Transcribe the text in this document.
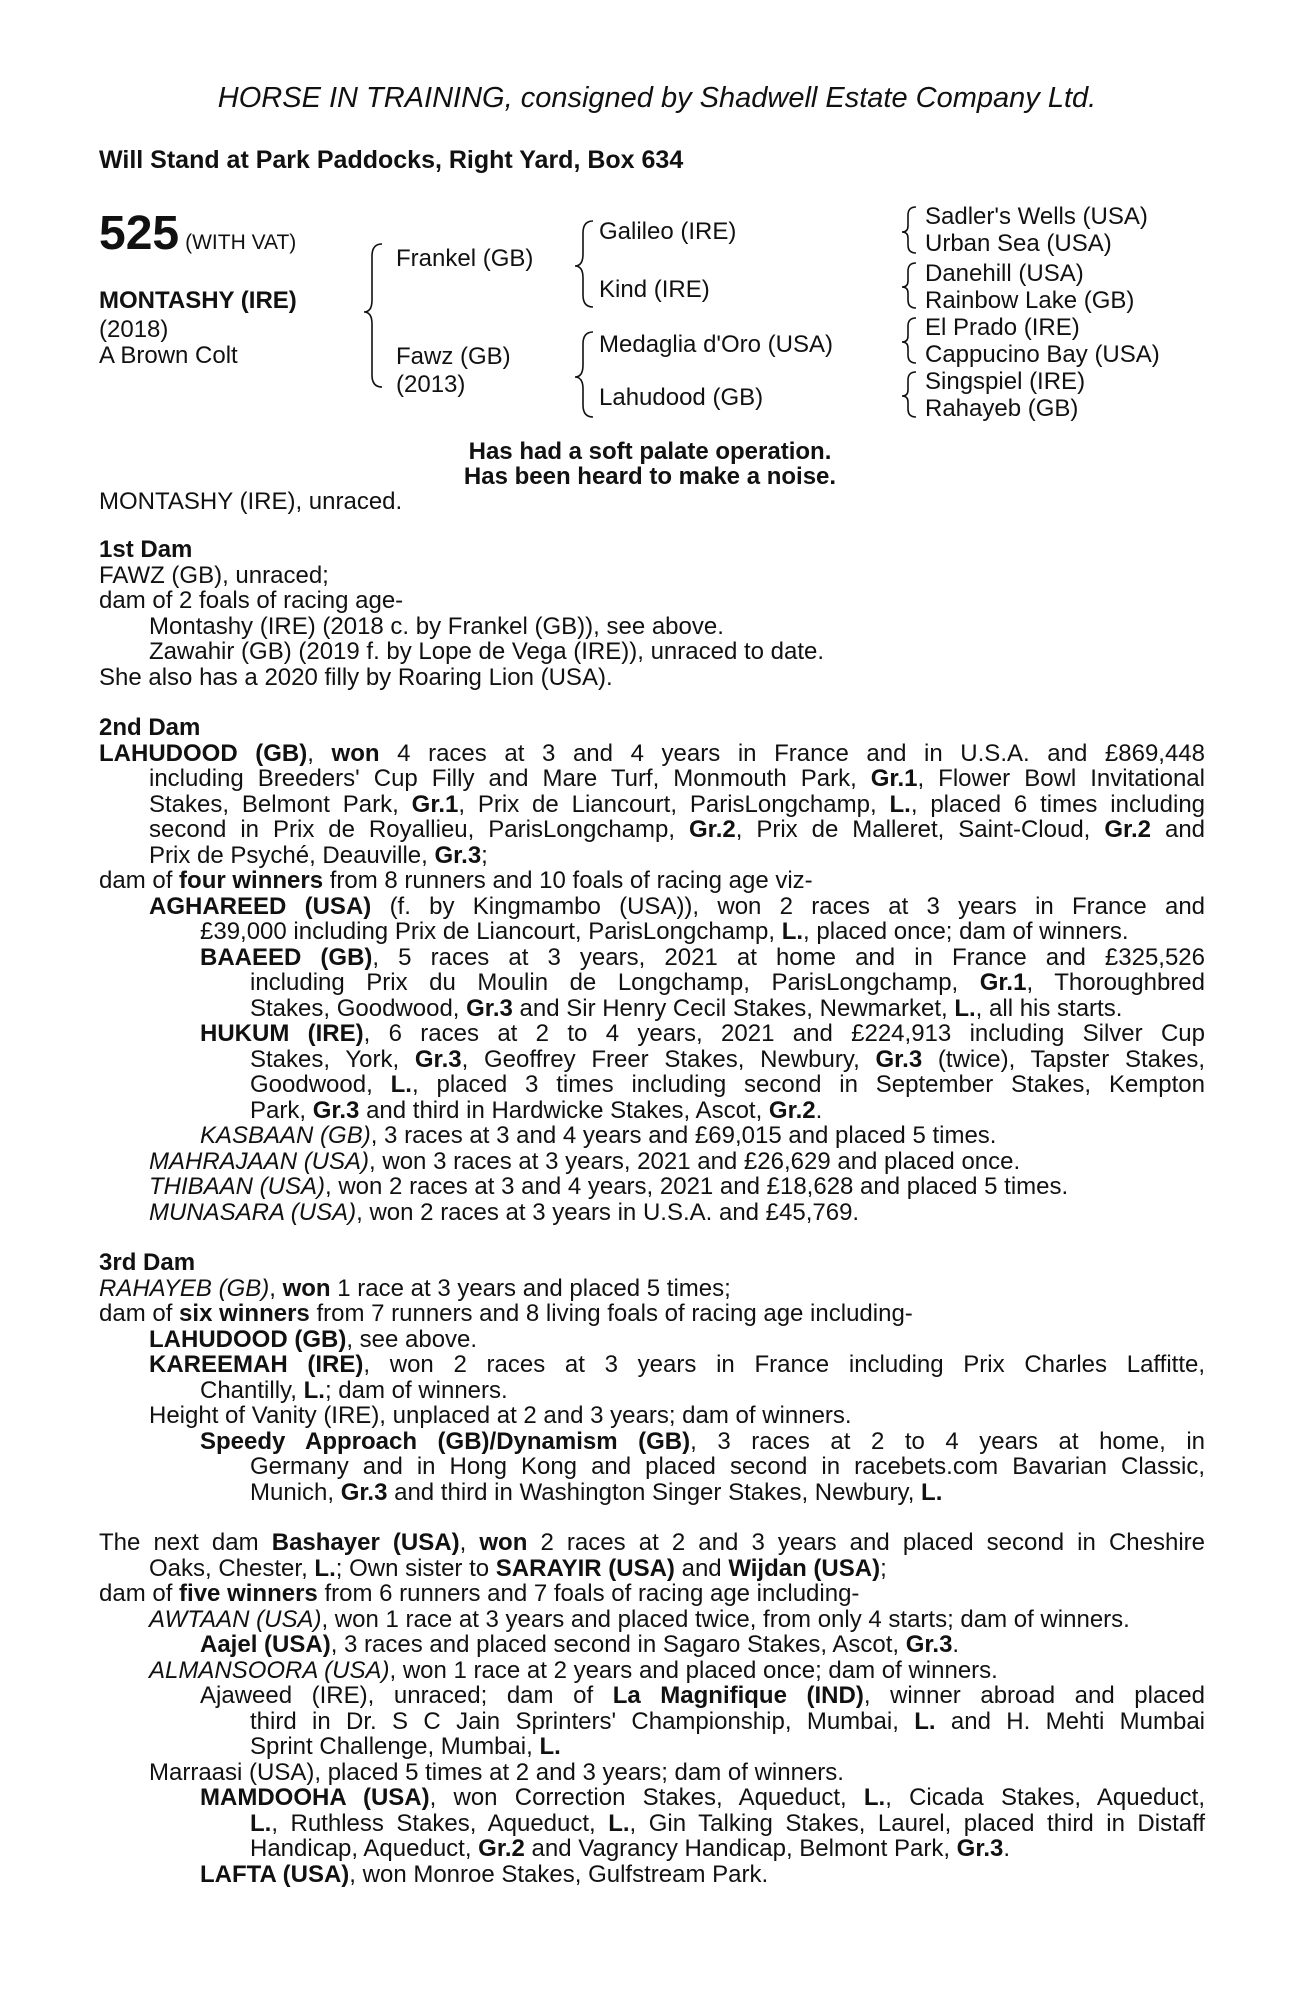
HORSE IN TRAINING, consigned by Shadwell Estate Company Ltd.
Will Stand at Park Paddocks, Right Yard, Box 634
525 (WITH VAT)
MONTASHY (IRE)
(2018)
A Brown Colt
Frankel (GB)
Fawz (GB)
(2013)
Galileo (IRE)
Kind (IRE)
Medaglia d'Oro (USA)
Lahudood (GB)
Sadler's Wells (USA)
Urban Sea (USA)
Danehill (USA)
Rainbow Lake (GB)
El Prado (IRE)
Cappucino Bay (USA)
Singspiel (IRE)
Rahayeb (GB)
Has had a soft palate operation.
Has been heard to make a noise.
MONTASHY (IRE), unraced.
1st Dam
FAWZ (GB), unraced;
dam of 2 foals of racing age-
Montashy (IRE) (2018 c. by Frankel (GB)), see above.
Zawahir (GB) (2019 f. by Lope de Vega (IRE)), unraced to date.
She also has a 2020 filly by Roaring Lion (USA).
2nd Dam
LAHUDOOD (GB), won 4 races at 3 and 4 years in France and in U.S.A. and £869,448
including Breeders' Cup Filly and Mare Turf, Monmouth Park, Gr.1, Flower Bowl Invitational
Stakes, Belmont Park, Gr.1, Prix de Liancourt, ParisLongchamp, L., placed 6 times including
second in Prix de Royallieu, ParisLongchamp, Gr.2, Prix de Malleret, Saint-Cloud, Gr.2 and
Prix de Psyché, Deauville, Gr.3;
dam of four winners from 8 runners and 10 foals of racing age viz-
AGHAREED (USA) (f. by Kingmambo (USA)), won 2 races at 3 years in France and
£39,000 including Prix de Liancourt, ParisLongchamp, L., placed once; dam of winners.
BAAEED (GB), 5 races at 3 years, 2021 at home and in France and £325,526
including Prix du Moulin de Longchamp, ParisLongchamp, Gr.1, Thoroughbred
Stakes, Goodwood, Gr.3 and Sir Henry Cecil Stakes, Newmarket, L., all his starts.
HUKUM (IRE), 6 races at 2 to 4 years, 2021 and £224,913 including Silver Cup
Stakes, York, Gr.3, Geoffrey Freer Stakes, Newbury, Gr.3 (twice), Tapster Stakes,
Goodwood, L., placed 3 times including second in September Stakes, Kempton
Park, Gr.3 and third in Hardwicke Stakes, Ascot, Gr.2.
KASBAAN (GB), 3 races at 3 and 4 years and £69,015 and placed 5 times.
MAHRAJAAN (USA), won 3 races at 3 years, 2021 and £26,629 and placed once.
THIBAAN (USA), won 2 races at 3 and 4 years, 2021 and £18,628 and placed 5 times.
MUNASARA (USA), won 2 races at 3 years in U.S.A. and £45,769.
3rd Dam
RAHAYEB (GB), won 1 race at 3 years and placed 5 times;
dam of six winners from 7 runners and 8 living foals of racing age including-
LAHUDOOD (GB), see above.
KAREEMAH (IRE), won 2 races at 3 years in France including Prix Charles Laffitte,
Chantilly, L.; dam of winners.
Height of Vanity (IRE), unplaced at 2 and 3 years; dam of winners.
Speedy Approach (GB)/Dynamism (GB), 3 races at 2 to 4 years at home, in
Germany and in Hong Kong and placed second in racebets.com Bavarian Classic,
Munich, Gr.3 and third in Washington Singer Stakes, Newbury, L.
The next dam Bashayer (USA), won 2 races at 2 and 3 years and placed second in Cheshire
Oaks, Chester, L.; Own sister to SARAYIR (USA) and Wijdan (USA);
dam of five winners from 6 runners and 7 foals of racing age including-
AWTAAN (USA), won 1 race at 3 years and placed twice, from only 4 starts; dam of winners.
Aajel (USA), 3 races and placed second in Sagaro Stakes, Ascot, Gr.3.
ALMANSOORA (USA), won 1 race at 2 years and placed once; dam of winners.
Ajaweed (IRE), unraced; dam of La Magnifique (IND), winner abroad and placed
third in Dr. S C Jain Sprinters' Championship, Mumbai, L. and H. Mehti Mumbai
Sprint Challenge, Mumbai, L.
Marraasi (USA), placed 5 times at 2 and 3 years; dam of winners.
MAMDOOHA (USA), won Correction Stakes, Aqueduct, L., Cicada Stakes, Aqueduct,
L., Ruthless Stakes, Aqueduct, L., Gin Talking Stakes, Laurel, placed third in Distaff
Handicap, Aqueduct, Gr.2 and Vagrancy Handicap, Belmont Park, Gr.3.
LAFTA (USA), won Monroe Stakes, Gulfstream Park.
